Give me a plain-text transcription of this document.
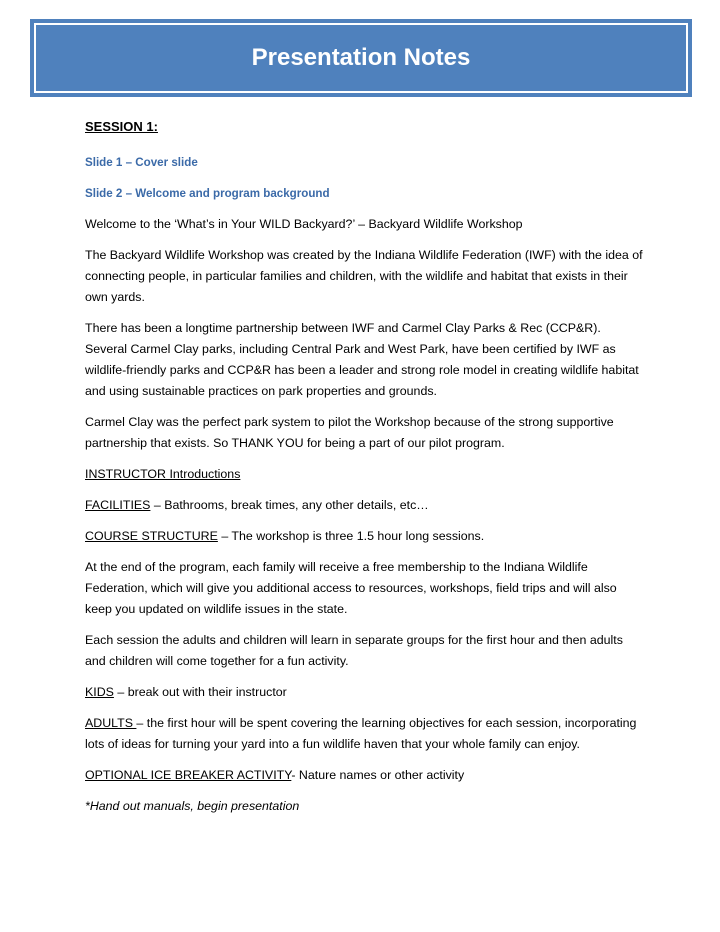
Presentation Notes
SESSION 1:
Slide 1 – Cover slide
Slide 2 – Welcome and program background

Welcome to the ‘What’s in Your WILD Backyard?’ – Backyard Wildlife Workshop

The Backyard Wildlife Workshop was created by the Indiana Wildlife Federation (IWF) with the idea of connecting people, in particular families and children, with the wildlife and habitat that exists in their own yards.

There has been a longtime partnership between IWF and Carmel Clay Parks & Rec (CCP&R). Several Carmel Clay parks, including Central Park and West Park, have been certified by IWF as wildlife-friendly parks and CCP&R has been a leader and strong role model in creating wildlife habitat and using sustainable practices on park properties and grounds.

Carmel Clay was the perfect park system to pilot the Workshop because of the strong supportive partnership that exists. So THANK YOU for being a part of our pilot program.

INSTRUCTOR Introductions

FACILITIES – Bathrooms, break times, any other details, etc…

COURSE STRUCTURE – The workshop is three 1.5 hour long sessions.

At the end of the program, each family will receive a free membership to the Indiana Wildlife Federation, which will give you additional access to resources, workshops, field trips and will also keep you updated on wildlife issues in the state.

Each session the adults and children will learn in separate groups for the first hour and then adults and children will come together for a fun activity.

KIDS – break out with their instructor

ADULTS – the first hour will be spent covering the learning objectives for each session, incorporating lots of ideas for turning your yard into a fun wildlife haven that your whole family can enjoy.

OPTIONAL ICE BREAKER ACTIVITY- Nature names or other activity

*Hand out manuals, begin presentation
